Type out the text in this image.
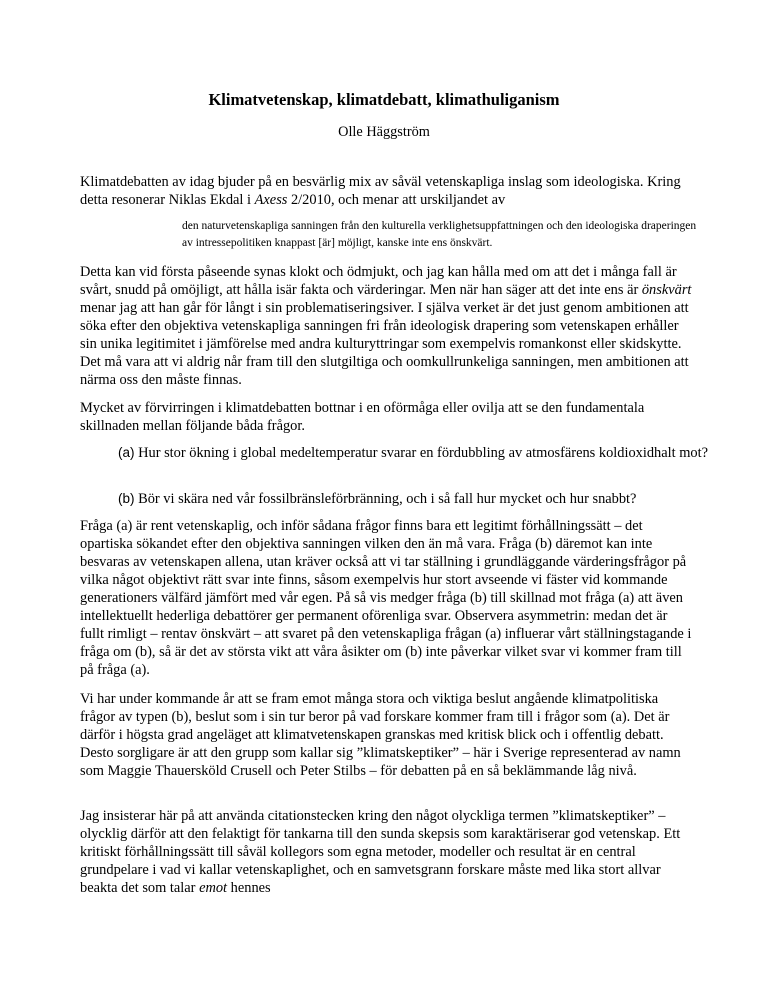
Klimatvetenskap, klimatdebatt, klimathuliganism

Olle Häggström

Klimatdebatten av idag bjuder på en besvärlig mix av såväl vetenskapliga inslag som ideologiska. Kring detta resonerar Niklas Ekdal i Axess 2/2010, och menar att urskiljandet av

den naturvetenskapliga sanningen från den kulturella verklighetsuppfattningen och den ideologiska draperingen av intressepolitiken knappast [är] möjligt, kanske inte ens önskvärt.

Detta kan vid första påseende synas klokt och ödmjukt, och jag kan hålla med om att det i många fall är svårt, snudd på omöjligt, att hålla isär fakta och värderingar. Men när han säger att det inte ens är önskvärt menar jag att han går för långt i sin problematiseringsiver. I själva verket är det just genom ambitionen att söka efter den objektiva vetenskapliga sanningen fri från ideologisk drapering som vetenskapen erhåller sin unika legitimitet i jämförelse med andra kulturyttringar som exempelvis romankonst eller skidskytte. Det må vara att vi aldrig når fram till den slutgiltiga och oomkullrunkeliga sanningen, men ambitionen att närma oss den måste finnas.

Mycket av förvirringen i klimatdebatten bottnar i en oförmåga eller ovilja att se den fundamentala skillnaden mellan följande båda frågor.

(a) Hur stor ökning i global medeltemperatur svarar en fördubbling av atmosfärens koldioxidhalt mot?

(b) Bör vi skära ned vår fossilbränsleförbränning, och i så fall hur mycket och hur snabbt?

Fråga (a) är rent vetenskaplig, och inför sådana frågor finns bara ett legitimt förhållningssätt – det opartiska sökandet efter den objektiva sanningen vilken den än må vara. Fråga (b) däremot kan inte besvaras av vetenskapen allena, utan kräver också att vi tar ställning i grundläggande värderingsfrågor på vilka något objektivt rätt svar inte finns, såsom exempelvis hur stort avseende vi fäster vid kommande generationers välfärd jämfört med vår egen. På så vis medger fråga (b) till skillnad mot fråga (a) att även intellektuellt hederliga debattörer ger permanent oförenliga svar. Observera asymmetrin: medan det är fullt rimligt – rentav önskvärt – att svaret på den vetenskapliga frågan (a) influerar vårt ställningstagande i fråga om (b), så är det av största vikt att våra åsikter om (b) inte påverkar vilket svar vi kommer fram till på fråga (a).

Vi har under kommande år att se fram emot många stora och viktiga beslut angående klimatpolitiska frågor av typen (b), beslut som i sin tur beror på vad forskare kommer fram till i frågor som (a). Det är därför i högsta grad angeläget att klimatvetenskapen granskas med kritisk blick och i offentlig debatt. Desto sorgligare är att den grupp som kallar sig ”klimatskeptiker” – här i Sverige representerad av namn som Maggie Thauersköld Crusell och Peter Stilbs – för debatten på en så beklämmande låg nivå.

Jag insisterar här på att använda citationstecken kring den något olyckliga termen ”klimatskeptiker” – olycklig därför att den felaktigt för tankarna till den sunda skepsis som karaktäriserar god vetenskap. Ett kritiskt förhållningssätt till såväl kollegors som egna metoder, modeller och resultat är en central grundpelare i vad vi kallar vetenskaplighet, och en samvetsgrann forskare måste med lika stort allvar beakta det som talar emot hennes
